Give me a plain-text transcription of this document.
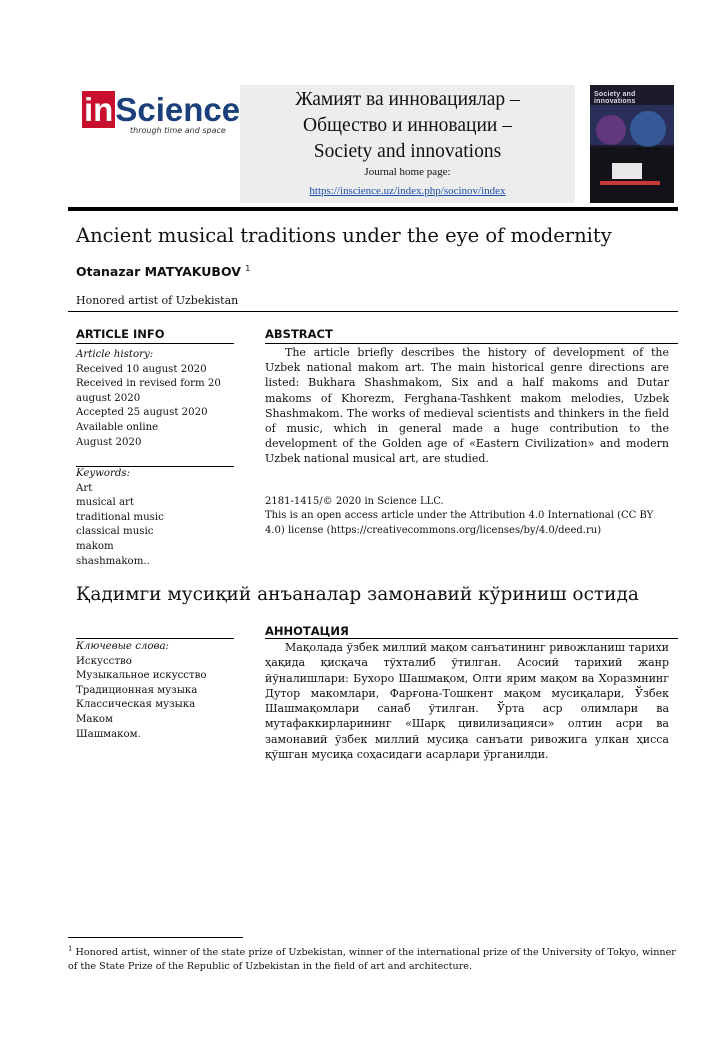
inScience
through time and space
Жамият ва инновациялар –
Общество и инновации –
Society and innovations
Journal home page:
https://inscience.uz/index.php/socinov/index
Society and innovations
Ancient musical traditions under the eye of modernity
Otanazar MATYAKUBOV $^1$
Honored artist of Uzbekistan
ARTICLE INFO
Article history:
Received 10 august 2020
Received in revised form 20
august 2020
Accepted 25 august 2020
Available online
August 2020
Keywords:
Art
musical art
traditional music
classical music
makom
shashmakom..
ABSTRACT
The article briefly describes the history of development of the Uzbek national makom art. The main historical genre directions are listed: Bukhara Shashmakom, Six and a half makoms and Dutar makoms of Khorezm, Ferghana-Tashkent makom melodies, Uzbek Shashmakom. The works of medieval scientists and thinkers in the field of music, which in general made a huge contribution to the development of the Golden age of «Eastern Civilization» and modern Uzbek national musical art, are studied.
2181-1415/© 2020 in Science LLC.
This is an open access article under the Attribution 4.0 International (CC BY 4.0) license (https://creativecommons.org/licenses/by/4.0/deed.ru)
Қадимги мусиқий анъаналар замонавий кўриниш остида
Ключевые слова:
Искусство
Музыкальное искусство
Традиционная музыка
Классическая музыка
Маком
Шашмаком.
АННОТАЦИЯ
Мақолада ўзбек миллий мақом санъатининг ривожланиш тарихи ҳақида қисқача тўхталиб ўтилган. Асосий тарихий жанр йўналишлари: Бухоро Шашмақом, Олти ярим мақом ва Хоразмнинг Дутор макомлари, Фарғона-Тошкент мақом мусиқалари, Ўзбек Шашмақомлари санаб ўтилган. Ўрта аср олимлари ва мутафаккирларининг «Шарқ цивилизацияси» олтин асри ва замонавий ўзбек миллий мусиқа санъати ривожига улкан ҳисса қўшган мусиқа соҳасидаги асарлари ўрганилди.
$^1$ Honored artist, winner of the state prize of Uzbekistan, winner of the international prize of the University of Tokyo, winner of the State Prize of the Republic of Uzbekistan in the field of art and architecture.
